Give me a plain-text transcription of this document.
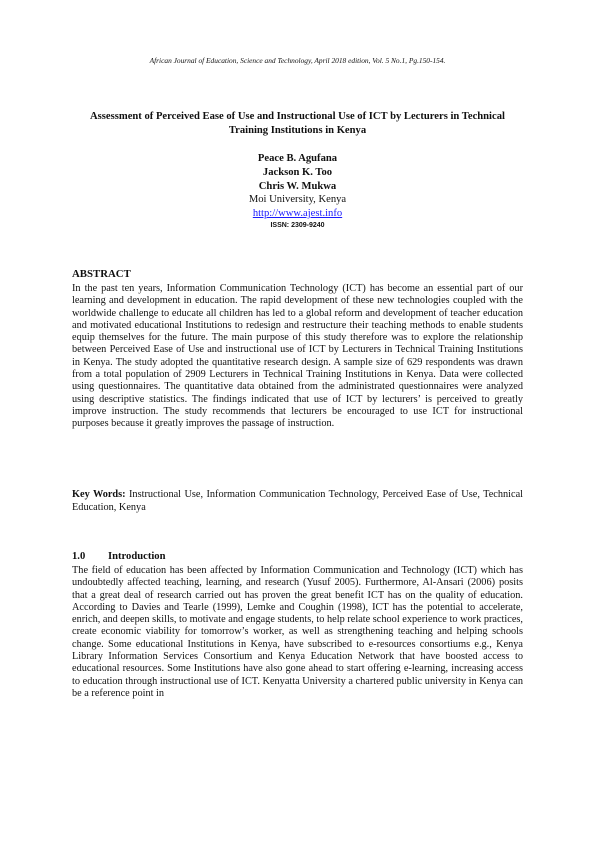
African Journal of Education, Science and Technology, April 2018 edition, Vol. 5 No.1, Pg.150-154.
Assessment of Perceived Ease of Use and Instructional Use of ICT by Lecturers in Technical Training Institutions in Kenya
Peace B. Agufana
Jackson K. Too
Chris W. Mukwa
Moi University, Kenya
http://www.ajest.info
ISSN: 2309-9240
ABSTRACT
In the past ten years, Information Communication Technology (ICT) has become an essential part of our learning and development in education. The rapid development of these new technologies coupled with the worldwide challenge to educate all children has led to a global reform and development of teacher education and motivated educational Institutions to redesign and restructure their teaching methods to enable students equip themselves for the future. The main purpose of this study therefore was to explore the relationship between Perceived Ease of Use and instructional use of ICT by Lecturers in Technical Training Institutions in Kenya. The study adopted the quantitative research design. A sample size of 629 respondents was drawn from a total population of 2909 Lecturers in Technical Training Institutions in Kenya. Data were collected using questionnaires. The quantitative data obtained from the administrated questionnaires were analyzed using descriptive statistics. The findings indicated that use of ICT by lecturers’ is perceived to greatly improve instruction. The study recommends that lecturers be encouraged to use ICT for instructional purposes because it greatly improves the passage of instruction.
Key Words: Instructional Use, Information Communication Technology, Perceived Ease of Use, Technical Education, Kenya
1.0 Introduction
The field of education has been affected by Information Communication and Technology (ICT) which has undoubtedly affected teaching, learning, and research (Yusuf 2005). Furthermore, Al-Ansari (2006) posits that a great deal of research carried out has proven the great benefit ICT has on the quality of education. According to Davies and Tearle (1999), Lemke and Coughin (1998), ICT has the potential to accelerate, enrich, and deepen skills, to motivate and engage students, to help relate school experience to work practices, create economic viability for tomorrow’s worker, as well as strengthening teaching and helping schools change. Some educational Institutions in Kenya, have subscribed to e-resources consortiums e.g., Kenya Library Information Services Consortium and Kenya Education Network that have boosted access to educational resources. Some Institutions have also gone ahead to start offering e-learning, increasing access to education through instructional use of ICT. Kenyatta University a chartered public university in Kenya can be a reference point in
